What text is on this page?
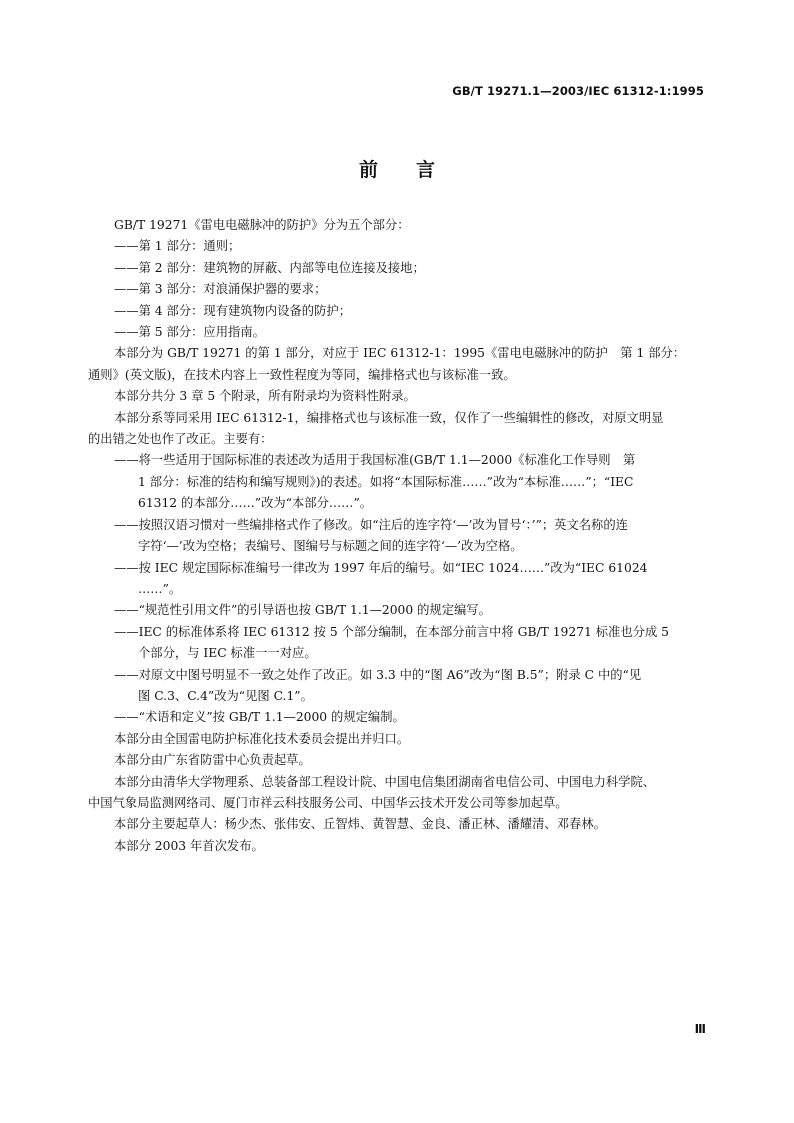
GB/T 19271.1—2003/IEC 61312-1:1995
前 言

GB/T 19271《雷电电磁脉冲的防护》分为五个部分：

——第 1 部分：通则；

——第 2 部分：建筑物的屏蔽、内部等电位连接及接地；

——第 3 部分：对浪涌保护器的要求；

——第 4 部分：现有建筑物内设备的防护；

——第 5 部分：应用指南。

本部分为 GB/T 19271 的第 1 部分，对应于 IEC 61312-1：1995《雷电电磁脉冲的防护　第 1 部分：

通则》(英文版)，在技术内容上一致性程度为等同，编排格式也与该标准一致。

本部分共分 3 章 5 个附录，所有附录均为资料性附录。

本部分系等同采用 IEC 61312-1，编排格式也与该标准一致，仅作了一些编辑性的修改，对原文明显

的出错之处也作了改正。主要有：

——将一些适用于国际标准的表述改为适用于我国标准(GB/T 1.1—2000《标准化工作导则　第
1 部分：标准的结构和编写规则》)的表述。如将“本国际标准……”改为“本标准……”；“IEC
61312 的本部分……”改为“本部分……”。

——按照汉语习惯对一些编排格式作了修改。如“注后的连字符‘—’改为冒号‘：’”；英文名称的连
字符‘—’改为空格；表编号、图编号与标题之间的连字符‘—’改为空格。

——按 IEC 规定国际标准编号一律改为 1997 年后的编号。如“IEC 1024……”改为“IEC 61024
……”。

——“规范性引用文件”的引导语也按 GB/T 1.1—2000 的规定编写。

——IEC 的标准体系将 IEC 61312 按 5 个部分编制，在本部分前言中将 GB/T 19271 标准也分成 5
个部分，与 IEC 标准一一对应。

——对原文中图号明显不一致之处作了改正。如 3.3 中的“图 A6”改为“图 B.5”；附录 C 中的“见
图 C.3、C.4”改为“见图 C.1”。

——“术语和定义”按 GB/T 1.1—2000 的规定编制。

本部分由全国雷电防护标准化技术委员会提出并归口。

本部分由广东省防雷中心负责起草。

本部分由清华大学物理系、总装备部工程设计院、中国电信集团湖南省电信公司、中国电力科学院、

中国气象局监测网络司、厦门市祥云科技服务公司、中国华云技术开发公司等参加起草。

本部分主要起草人：杨少杰、张伟安、丘智炜、黄智慧、金良、潘正林、潘耀清、邓春林。

本部分 2003 年首次发布。

Ⅲ
